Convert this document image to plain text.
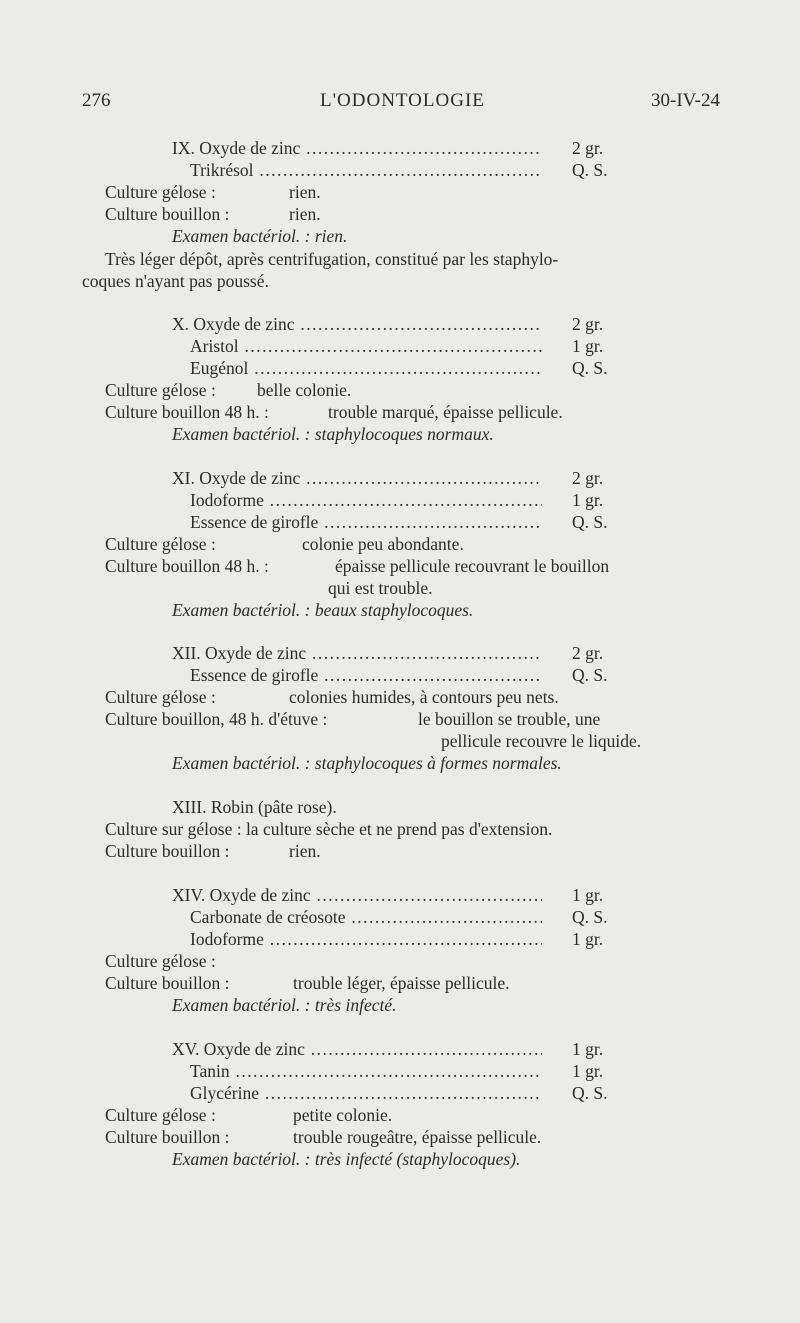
276	L'ODONTOLOGIE	30-IV-24
IX. Oxyde de zinc .....	2 gr.
Trikrésol .....	Q. S.
Culture gélose :	rien.
Culture bouillon :	rien.
Examen bactériol. : rien.
Très léger dépôt, après centrifugation, constitué par les staphylo-
coques n'ayant pas poussé.
X. Oxyde de zinc .....	2 gr.
Aristol .....	1 gr.
Eugénol .....	Q. S.
Culture gélose : belle colonie.
Culture bouillon 48 h. :	trouble marqué, épaisse pellicule.
Examen bactériol. : staphylocoques normaux.
XI. Oxyde de zinc .....	2 gr.
Iodoforme .....	1 gr.
Essence de girofle .....	Q. S.
Culture gélose :	colonie peu abondante.
Culture bouillon 48 h. :	épaisse pellicule recouvrant le bouillon
qui est trouble.
Examen bactériol. : beaux staphylocoques.
XII. Oxyde de zinc .....	2 gr.
Essence de girofle .....	Q. S.
Culture gélose :	colonies humides, à contours peu nets.
Culture bouillon, 48 h. d'étuve :	le bouillon se trouble, une
pellicule recouvre le liquide.
Examen bactériol. : staphylocoques à formes normales.
XIII. Robin (pâte rose).
Culture sur gélose : la culture sèche et ne prend pas d'extension.
Culture bouillon :	rien.
XIV. Oxyde de zinc .....	1 gr.
Carbonate de créosote .....	Q. S.
Iodoforme .....	1 gr.
Culture gélose :
Culture bouillon :	trouble léger, épaisse pellicule.
Examen bactériol. : très infecté.
XV. Oxyde de zinc .....	1 gr.
Tanin .....	1 gr.
Glycérine .....	Q. S.
Culture gélose :	petite colonie.
Culture bouillon :	trouble rougeâtre, épaisse pellicule.
Examen bactériol. : très infecté (staphylocoques).
